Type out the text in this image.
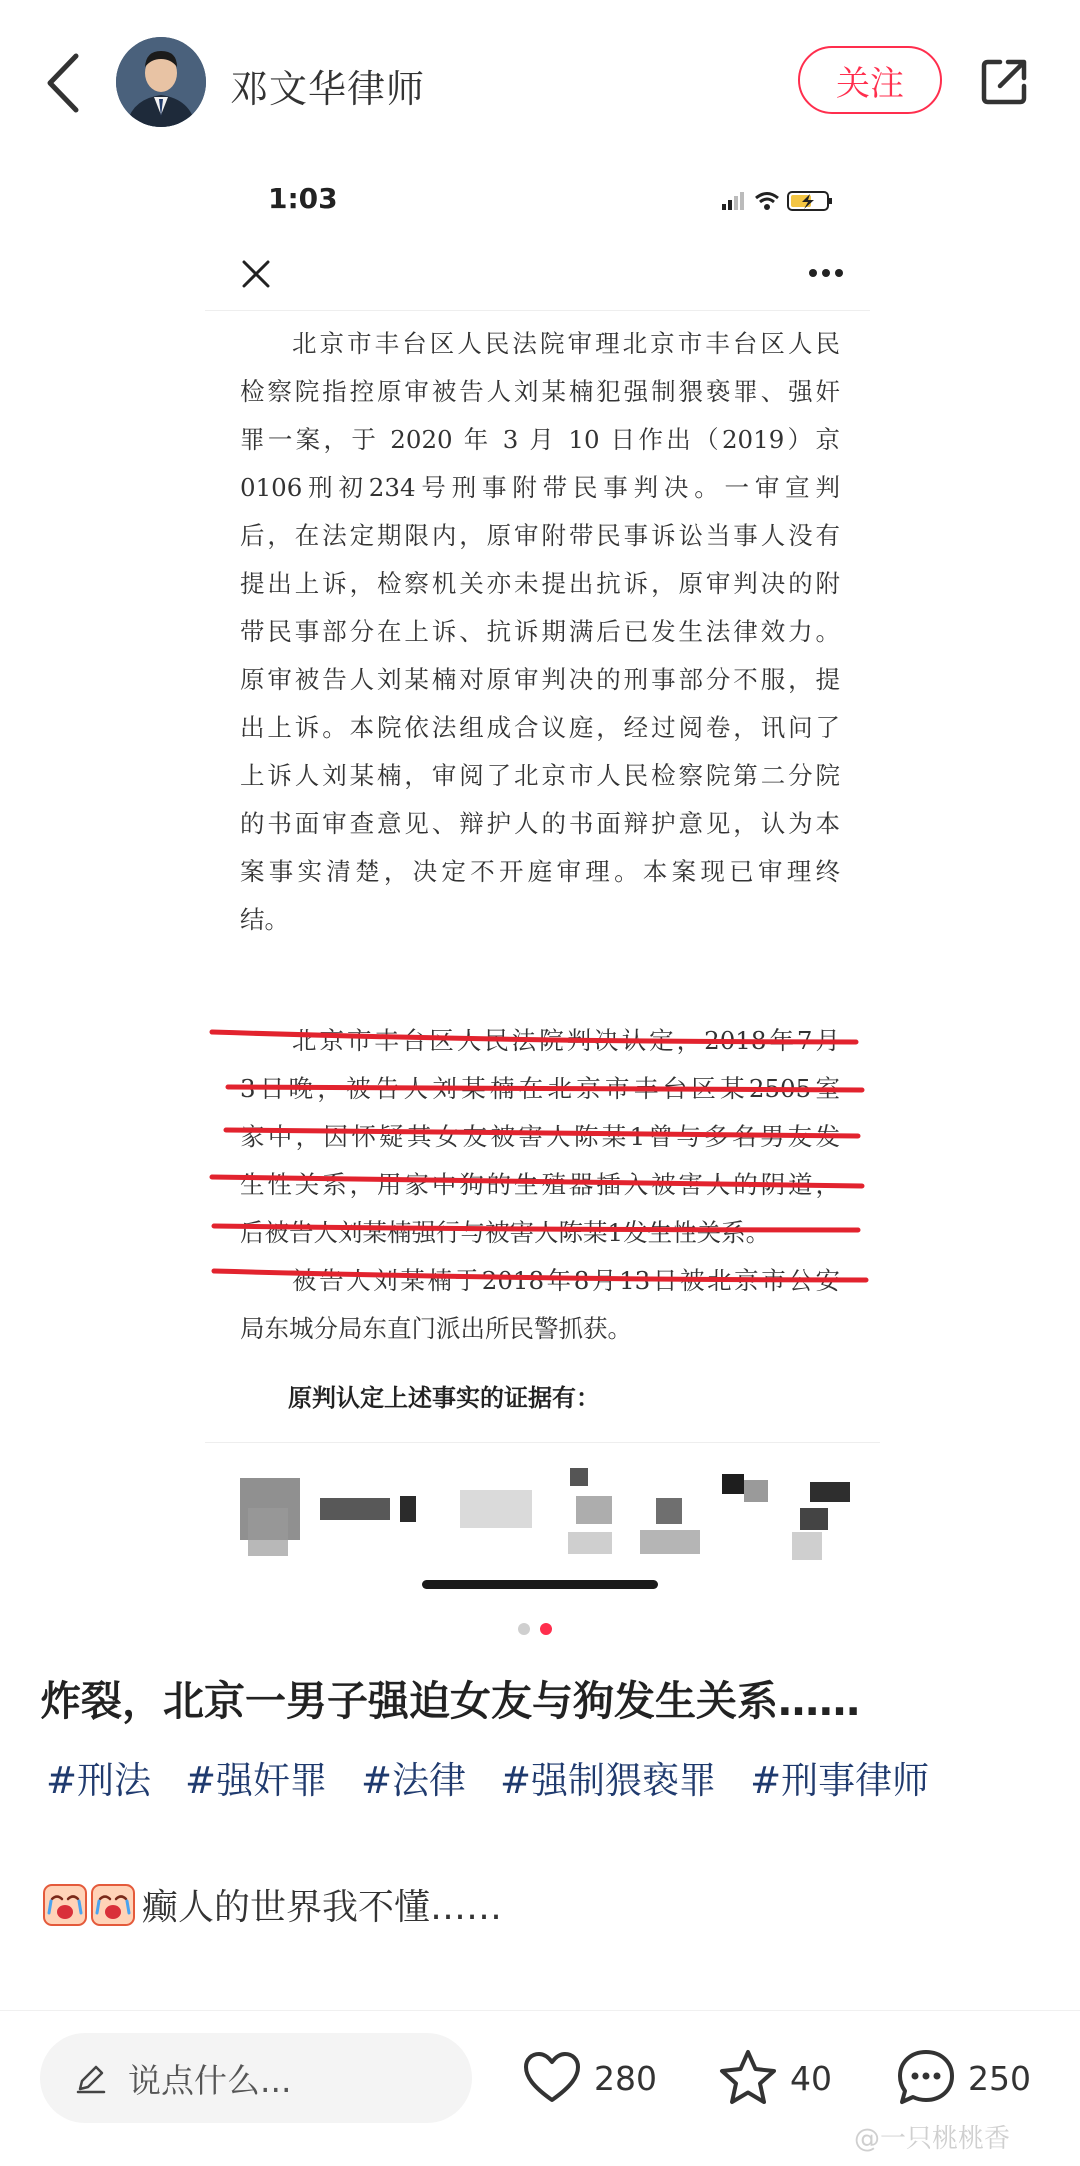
邓文华律师	关注
1:03
北京市丰台区人民法院审理北京市丰台区人民
检察院指控原审被告人刘某楠犯强制猥亵罪、强奸
罪一案，于 2020 年 3 月 10 日作出（2019）京
0106刑初234号刑事附带民事判决。一审宣判
后，在法定期限内，原审附带民事诉讼当事人没有
提出上诉，检察机关亦未提出抗诉，原审判决的附
带民事部分在上诉、抗诉期满后已发生法律效力。
原审被告人刘某楠对原审判决的刑事部分不服，提
出上诉。本院依法组成合议庭，经过阅卷，讯问了
上诉人刘某楠，审阅了北京市人民检察院第二分院
的书面审查意见、辩护人的书面辩护意见，认为本
案事实清楚，决定不开庭审理。本案现已审理终
结。
北京市丰台区人民法院判决认定，2018年7月
3日晚，被告人刘某楠在北京市丰台区某2505室
家中，因怀疑其女友被害人陈某1曾与多名男友发
生性关系，用家中狗的生殖器插入被害人的阴道，
后被告人刘某楠强行与被害人陈某1发生性关系。
被告人刘某楠于2018年8月13日被北京市公安
局东城分局东直门派出所民警抓获。
原判认定上述事实的证据有：
炸裂，北京一男子强迫女友与狗发生关系……
#刑法 #强奸罪 #法律 #强制猥亵罪 #刑事律师
癫人的世界我不懂……
说点什么...	280	40	250
@一只桃桃香
